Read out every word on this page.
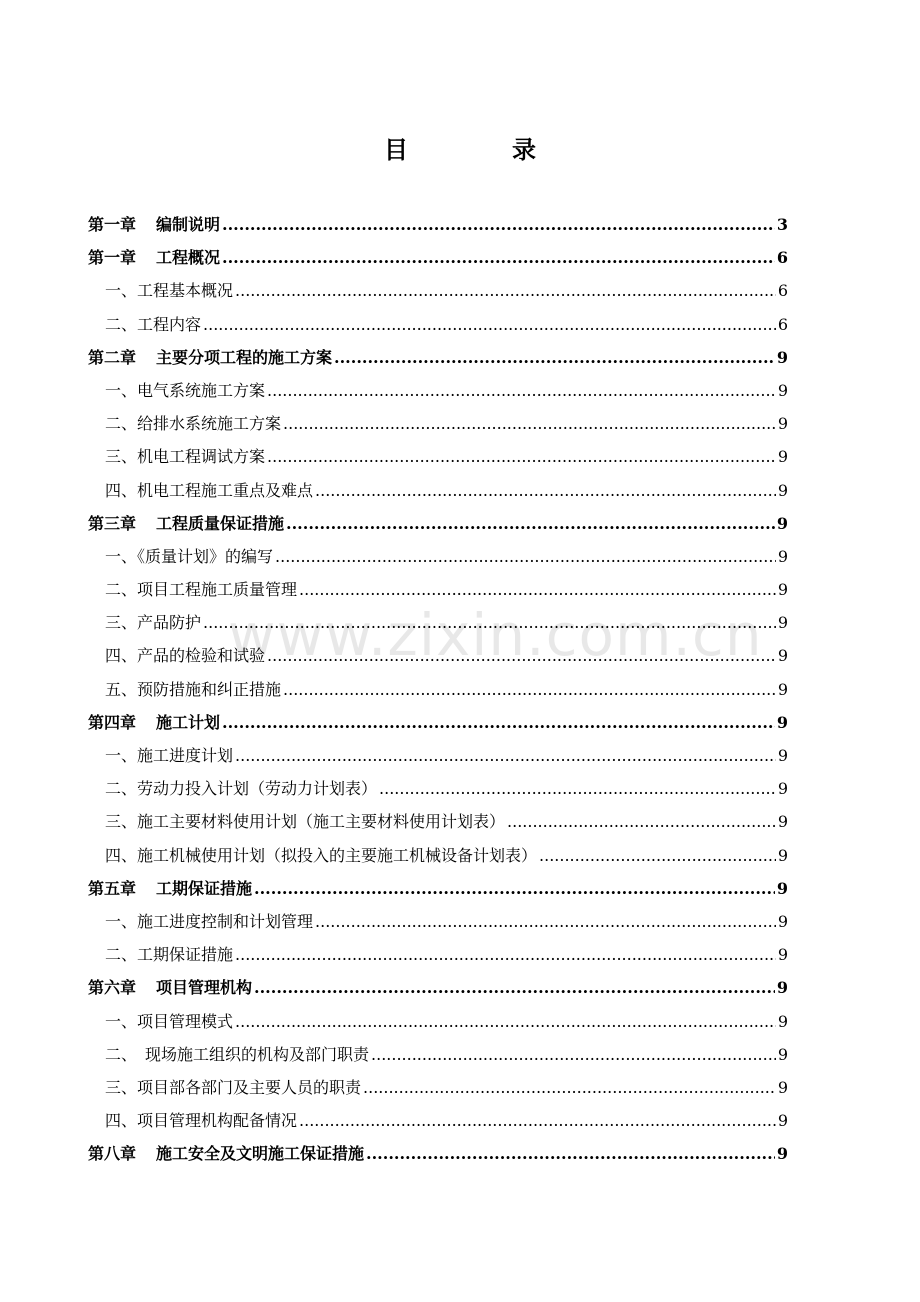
www.zixin.com.cn
目　录
第一章 编制说明 .....	3
第一章 工程概况 .....	6
一、工程基本概况 .....	6
二、工程内容 .....	6
第二章 主要分项工程的施工方案 .....	9
一、电气系统施工方案 .....	9
二、给排水系统施工方案 .....	9
三、机电工程调试方案 .....	9
四、机电工程施工重点及难点 .....	9
第三章 工程质量保证措施 .....	9
一、《质量计划》的编写 .....	9
二、项目工程施工质量管理 .....	9
三、产品防护 .....	9
四、产品的检验和试验 .....	9
五、预防措施和纠正措施 .....	9
第四章 施工计划 .....	9
一、施工进度计划 .....	9
二、劳动力投入计划（劳动力计划表） .....	9
三、施工主要材料使用计划（施工主要材料使用计划表） .....	9
四、施工机械使用计划（拟投入的主要施工机械设备计划表） .....	9
第五章 工期保证措施 .....	9
一、施工进度控制和计划管理 .....	9
二、工期保证措施 .....	9
第六章 项目管理机构 .....	9
一、项目管理模式 .....	9
二、　现场施工组织的机构及部门职责 .....	9
三、项目部各部门及主要人员的职责 .....	9
四、项目管理机构配备情况 .....	9
第八章 施工安全及文明施工保证措施 .....	9
